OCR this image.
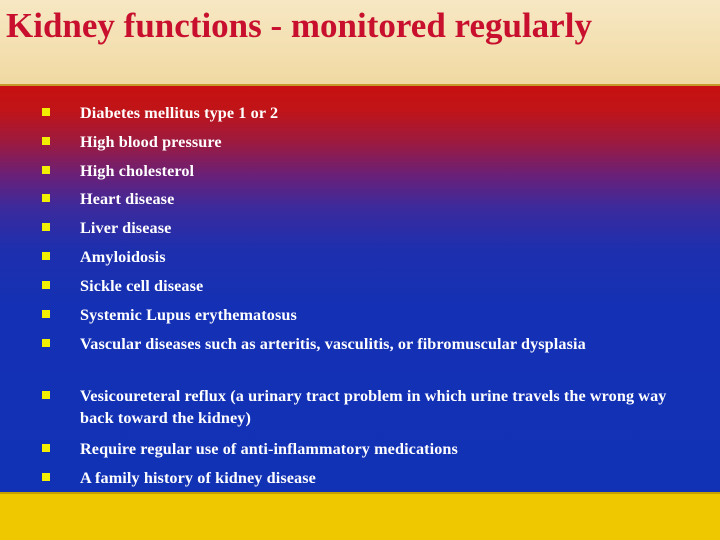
Kidney functions - monitored regularly
Diabetes mellitus type 1 or 2
High blood pressure
High cholesterol
Heart disease
Liver disease
Amyloidosis
Sickle cell disease
Systemic Lupus erythematosus
Vascular diseases such as arteritis, vasculitis, or fibromuscular dysplasia
Vesicoureteral reflux (a urinary tract problem in which urine travels the wrong way back toward the kidney)
Require regular use of anti-inflammatory medications
A family history of kidney disease
